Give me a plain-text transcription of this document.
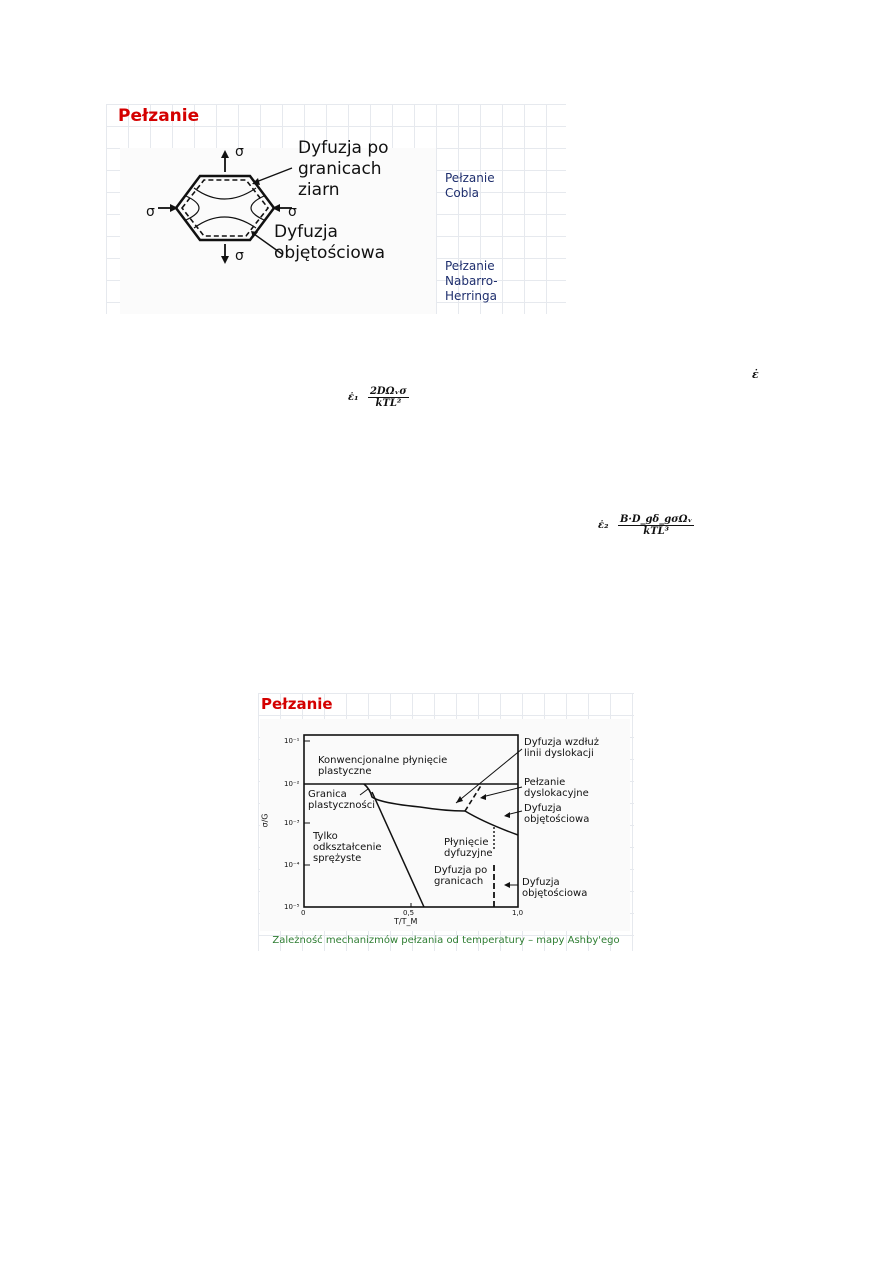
Pełzanie
σ
σ
σ	σ
Dyfuzja po granicach ziarn
Dyfuzja objętościowa
Pełzanie Cobla
Pełzanie Nabarro-Herringa
ε̇
ε̇₁ $\frac{\text{2DΩᵥσ}}{\text{kTL²}}$
ε̇₂ $\frac{\text{B·D\_gδ\_gσΩᵥ}}{\text{kTL³}}$
Pełzanie
σ/G
T/T_M
10⁻¹
10⁻²
10⁻³
10⁻⁴
10⁻⁵
0	0,5	1,0
Konwencjonalne płynięcie plastyczne
Granica plastyczności
Tylko odkształcenie sprężyste
Dyfuzja po granicach
Płynięcie dyfuzyjne
Dyfuzja wzdłuż linii dyslokacji
Pełzanie dyslokacyjne
Dyfuzja objętościowa
Dyfuzja objętościowa
Zależność mechanizmów pełzania od temperatury – mapy Ashby'ego
